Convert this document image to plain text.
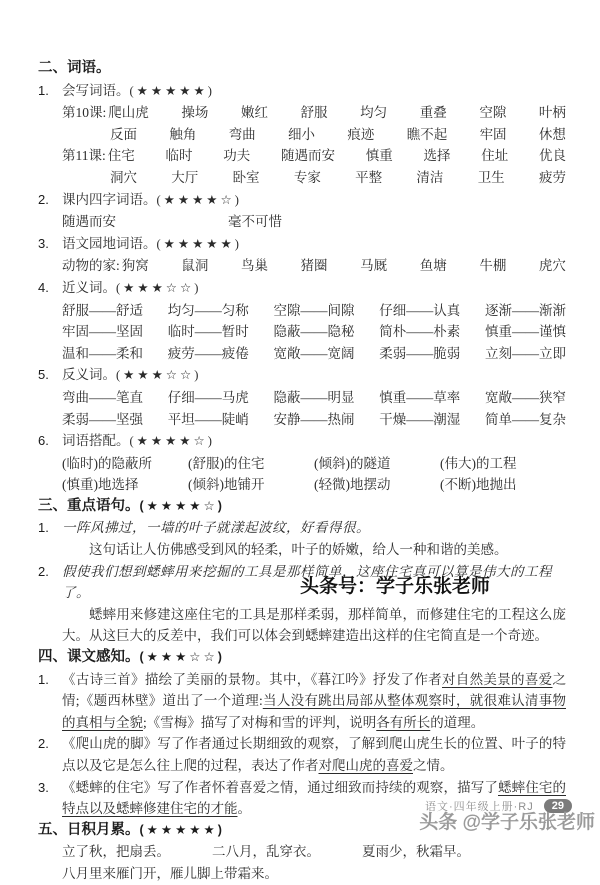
二、词语。
1. 会写词语。(★★★★★)
第10课: 爬山虎 操场 嫩红 舒服 均匀 重叠 空隙 叶柄
反面 触角 弯曲 细小 痕迹 瞧不起 牢固 休想
第11课: 住宅 临时 功夫 随遇而安 慎重 选择 住址 优良
洞穴	大厅	卧室	专家	平整	清洁	卫生	疲劳
2. 课内四字词语。(★★★★☆)
随遇而安	毫不可惜
3. 语文园地词语。(★★★★★)
动物的家: 狗窝 鼠洞 鸟巢 猪圈 马厩 鱼塘 牛棚 虎穴
4. 近义词。(★★★☆☆)
舒服——舒适 均匀——匀称 空隙——间隙 仔细——认真 逐渐——渐渐
牢固——坚固 临时——暂时 隐蔽——隐秘 简朴——朴素 慎重——谨慎
温和——柔和 疲劳——疲倦 宽敞——宽阔 柔弱——脆弱 立刻——立即
5. 反义词。(★★★☆☆)
弯曲——笔直 仔细——马虎 隐蔽——明显 慎重——草率 宽敞——狭窄
柔弱——坚强 平坦——陡峭 安静——热闹 干燥——潮湿 简单——复杂
6. 词语搭配。(★★★★☆)
(临时)的隐蔽所	(舒服)的住宅	(倾斜)的隧道	(伟大)的工程
(慎重)地选择	(倾斜)地铺开	(轻微)地摆动	(不断)地抛出
三、重点语句。(★★★★☆)
1. 一阵风拂过，一墙的叶子就漾起波纹，好看得很。
这句话让人仿佛感受到风的轻柔，叶子的娇嫩，给人一种和谐的美感。
2. 假使我们想到蟋蟀用来挖掘的工具是那样简单，这座住宅真可以算是伟大的工程了。
蟋蟀用来修建这座住宅的工具是那样柔弱，那样简单，而修建住宅的工程这么庞大。从这巨大的反差中，我们可以体会到蟋蟀建造出这样的住宅简直是一个奇迹。
四、课文感知。(★★★☆☆)
1. 《古诗三首》描绘了美丽的景物。其中，《暮江吟》抒发了作者对自然美景的喜爱之情;《题西林壁》道出了一个道理:当人没有跳出局部从整体观察时，就很难认清事物的真相与全貌;《雪梅》描写了对梅和雪的评判，说明各有所长的道理。
2. 《爬山虎的脚》写了作者通过长期细致的观察，了解到爬山虎生长的位置、叶子的特点以及它是怎么往上爬的过程，表达了作者对爬山虎的喜爱之情。
3. 《蟋蟀的住宅》写了作者怀着喜爱之情，通过细致而持续的观察，描写了蟋蟀住宅的特点以及蟋蟀修建住宅的才能。
五、日积月累。(★★★★★)
立了秋，把扇丢。	二八月，乱穿衣。	夏雨少，秋霜早。
八月里来雁门开，雁儿脚上带霜来。
头条号：学子乐张老师
语文·四年级上册·RJ	29
头条 @学子乐张老师
